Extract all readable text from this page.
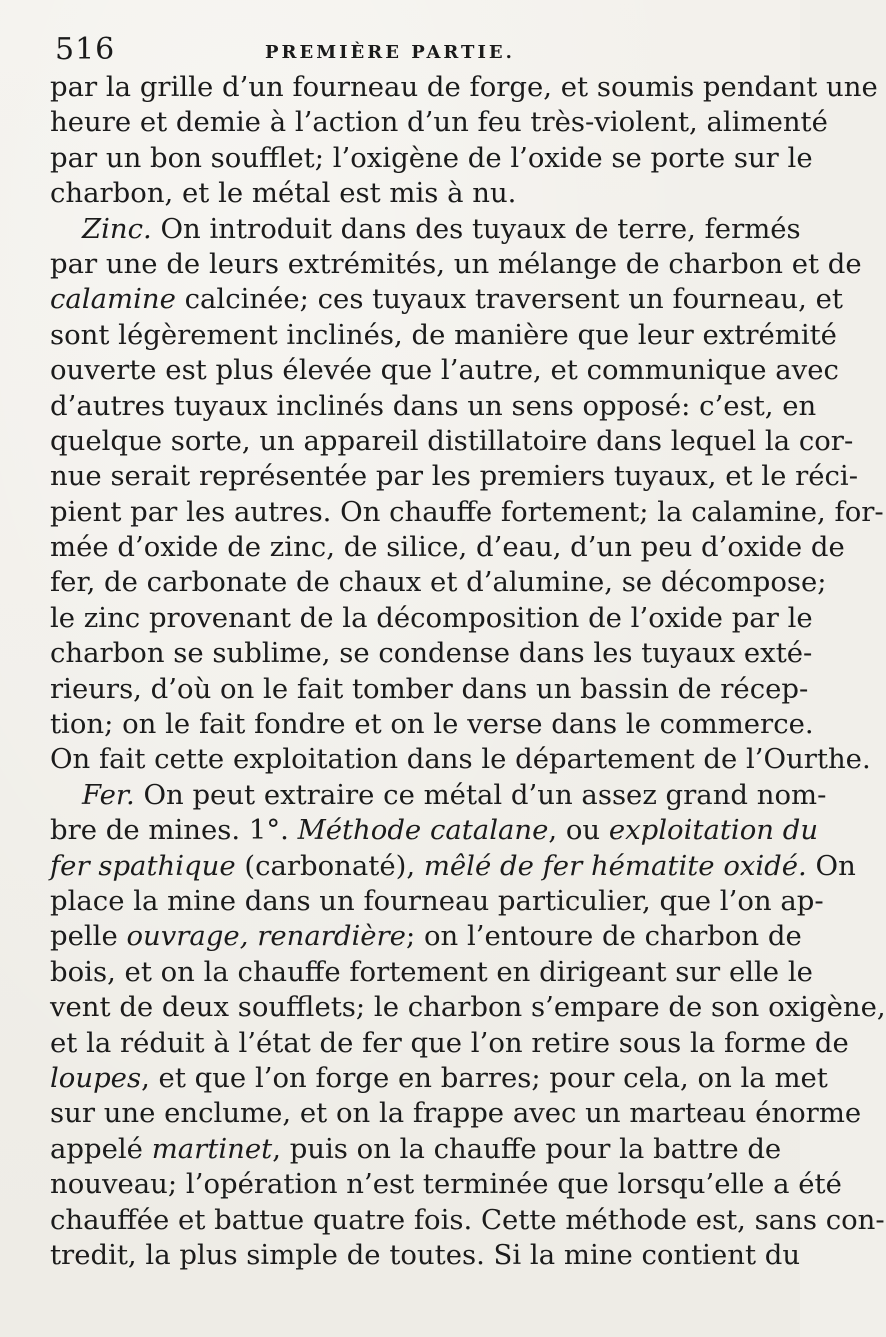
516	PREMIÈRE PARTIE.
par la grille d’un fourneau de forge, et soumis pendant une
heure et demie à l’action d’un feu très-violent, alimenté
par un bon soufflet; l’oxigène de l’oxide se porte sur le
charbon, et le métal est mis à nu.
Zinc. On introduit dans des tuyaux de terre, fermés
par une de leurs extrémités, un mélange de charbon et de
calamine calcinée; ces tuyaux traversent un fourneau, et
sont légèrement inclinés, de manière que leur extrémité
ouverte est plus élevée que l’autre, et communique avec
d’autres tuyaux inclinés dans un sens opposé: c’est, en
quelque sorte, un appareil distillatoire dans lequel la cor-
nue serait représentée par les premiers tuyaux, et le réci-
pient par les autres. On chauffe fortement; la calamine, for-
mée d’oxide de zinc, de silice, d’eau, d’un peu d’oxide de
fer, de carbonate de chaux et d’alumine, se décompose;
le zinc provenant de la décomposition de l’oxide par le
charbon se sublime, se condense dans les tuyaux exté-
rieurs, d’où on le fait tomber dans un bassin de récep-
tion; on le fait fondre et on le verse dans le commerce.
On fait cette exploitation dans le département de l’Ourthe.
Fer. On peut extraire ce métal d’un assez grand nom-
bre de mines. 1°. Méthode catalane, ou exploitation du
fer spathique (carbonaté), mêlé de fer hématite oxidé. On
place la mine dans un fourneau particulier, que l’on ap-
pelle ouvrage, renardière; on l’entoure de charbon de
bois, et on la chauffe fortement en dirigeant sur elle le
vent de deux soufflets; le charbon s’empare de son oxigène,
et la réduit à l’état de fer que l’on retire sous la forme de
loupes, et que l’on forge en barres; pour cela, on la met
sur une enclume, et on la frappe avec un marteau énorme
appelé martinet, puis on la chauffe pour la battre de
nouveau; l’opération n’est terminée que lorsqu’elle a été
chauffée et battue quatre fois. Cette méthode est, sans con-
tredit, la plus simple de toutes. Si la mine contient du
